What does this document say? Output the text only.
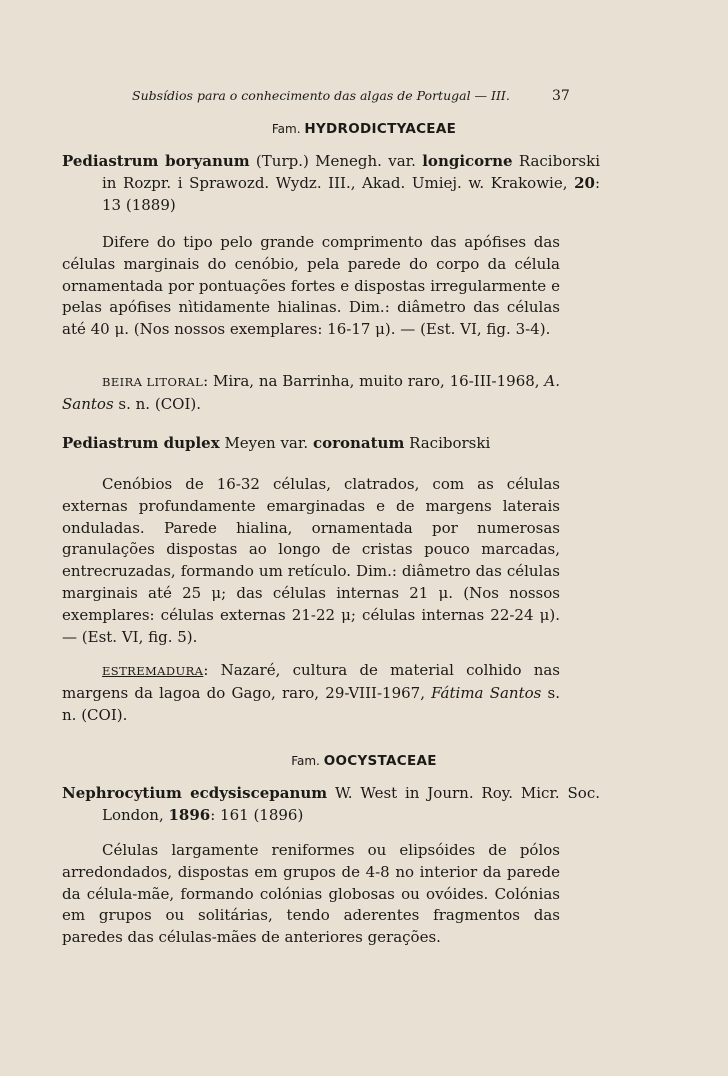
Subsídios para o conhecimento das algas de Portugal — III.	37
Fam. HYDRODICTYACEAE
Pediastrum boryanum (Turp.) Menegh. var. longicorne Raciborski in Rozpr. i Sprawozd. Wydz. III., Akad. Umiej. w. Krakowie, 20: 13 (1889)
Difere do tipo pelo grande comprimento das apófises das células marginais do cenóbio, pela parede do corpo da célula ornamentada por pontuações fortes e dispostas irregularmente e pelas apófises nìtidamente hialinas. Dim.: diâmetro das células até 40 μ. (Nos nossos exemplares: 16-17 μ). — (Est. VI, fig. 3-4).
BEIRA LITORAL: Mira, na Barrinha, muito raro, 16-III-1968, A. Santos s. n. (COI).
Pediastrum duplex Meyen var. coronatum Raciborski
Cenóbios de 16-32 células, clatrados, com as células externas profundamente emarginadas e de margens laterais onduladas. Parede hialina, ornamentada por numerosas granulações dispostas ao longo de cristas pouco marcadas, entrecruzadas, formando um retículo. Dim.: diâmetro das células marginais até 25 μ; das células internas 21 μ. (Nos nossos exemplares: células externas 21-22 μ; células internas 22-24 μ). — (Est. VI, fig. 5).
ESTREMADURA: Nazaré, cultura de material colhido nas margens da lagoa do Gago, raro, 29-VIII-1967, Fátima Santos s. n. (COI).
Fam. OOCYSTACEAE
Nephrocytium ecdysiscepanum W. West in Journ. Roy. Micr. Soc. London, 1896: 161 (1896)
Células largamente reniformes ou elipsóides de pólos arredondados, dispostas em grupos de 4-8 no interior da parede da célula-mãe, formando colónias globosas ou ovóides. Colónias em grupos ou solitárias, tendo aderentes fragmentos das paredes das células-mães de anteriores gerações.
